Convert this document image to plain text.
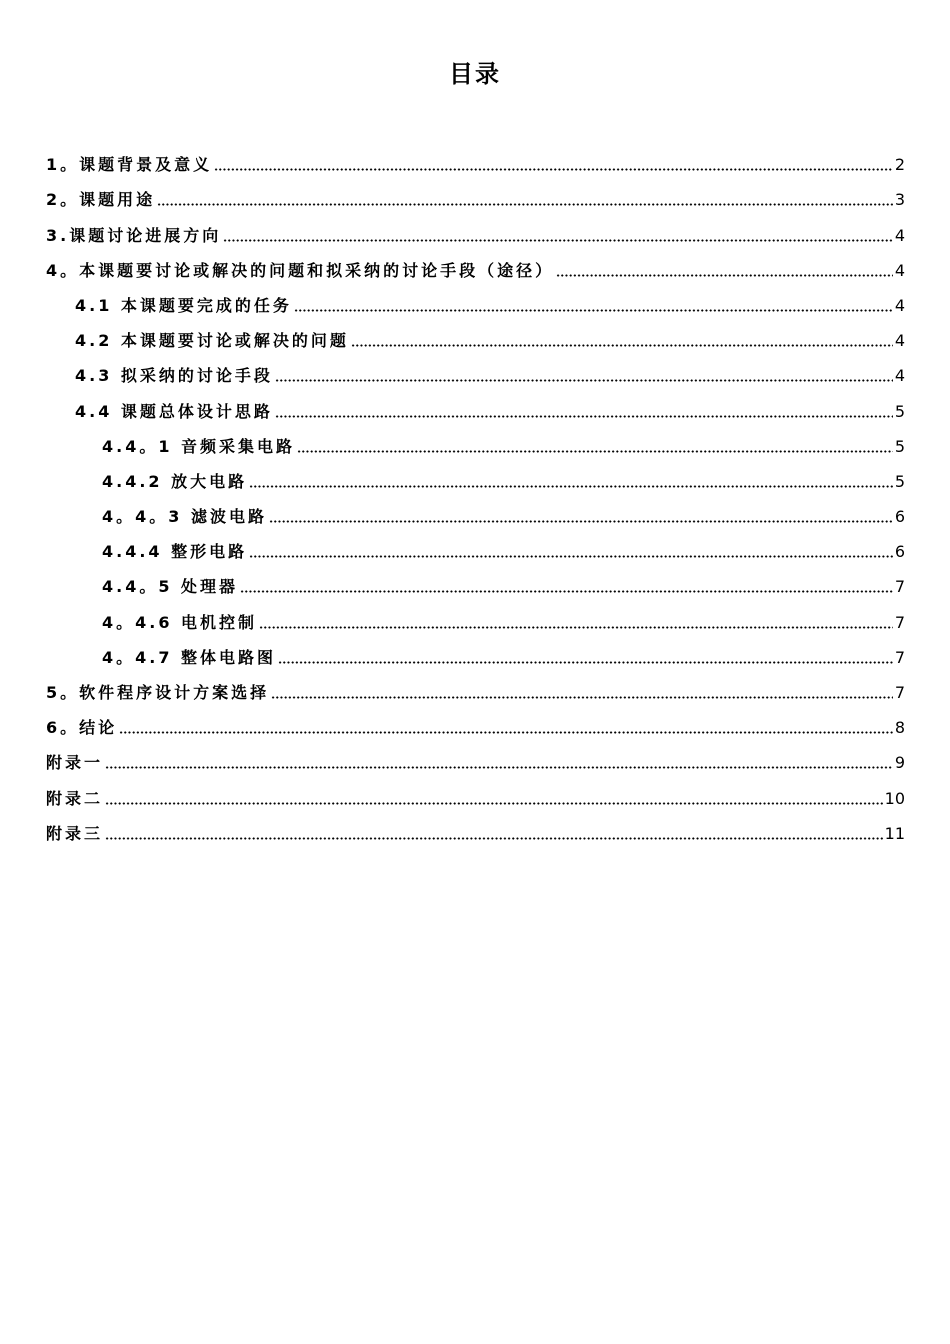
目录
1。课题背景及意义	2
2。课题用途	3
3.课题讨论进展方向	4
4。本课题要讨论或解决的问题和拟采纳的讨论手段（途径）	4
4.1 本课题要完成的任务	4
4.2 本课题要讨论或解决的问题	4
4.3 拟采纳的讨论手段	4
4.4 课题总体设计思路	5
4.4。1 音频采集电路	5
4.4.2 放大电路	5
4。4。3 滤波电路	6
4.4.4 整形电路	6
4.4。5 处理器	7
4。4.6 电机控制	7
4。4.7 整体电路图	7
5。软件程序设计方案选择	7
6。结论	8
附录一	9
附录二	10
附录三	11
